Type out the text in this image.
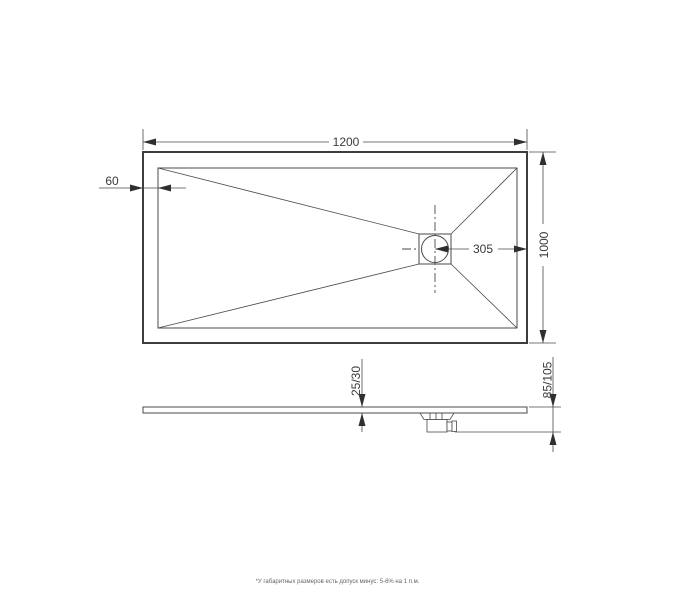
1200
60
305	1000
25/30	85/105
*У габаритных размеров есть допуск минус: 5-6% на 1 п.м.
